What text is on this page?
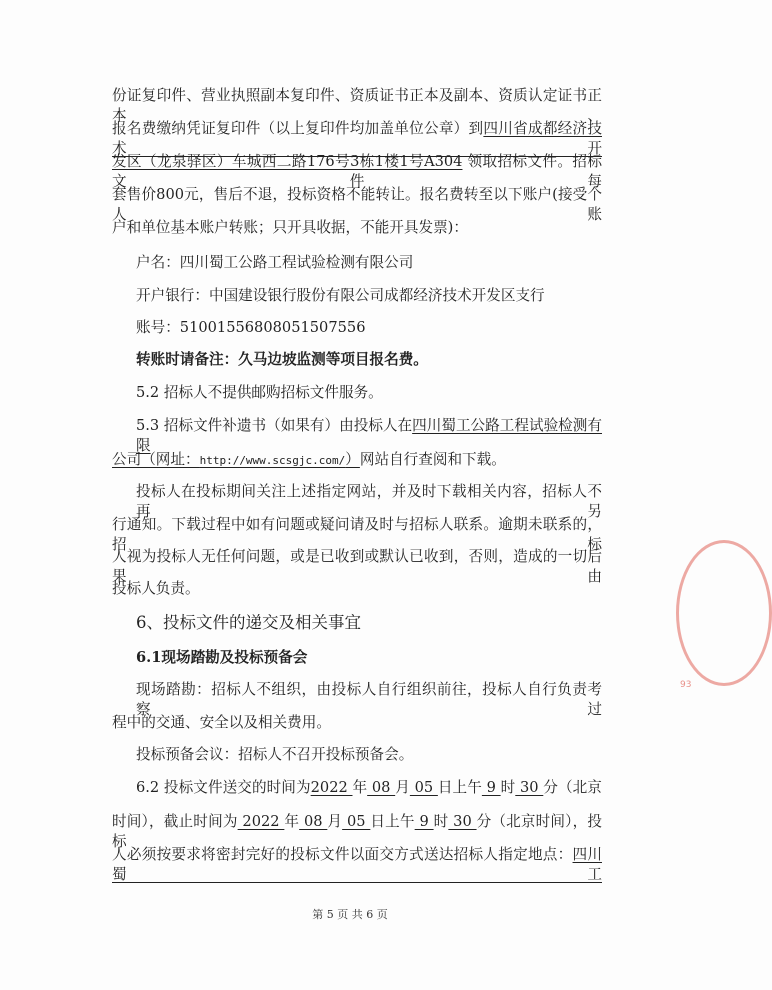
份证复印件、营业执照副本复印件、资质证书正本及副本、资质认定证书正本、
报名费缴纳凭证复印件（以上复印件均加盖单位公章）到四川省成都经济技术开
发区（龙泉驿区）车城西二路176号3栋1楼1号A304 领取招标文件。招标文件每
套售价800元，售后不退，投标资格不能转让。报名费转至以下账户(接受个人账
户和单位基本账户转账；只开具收据，不能开具发票)：
户名：四川蜀工公路工程试验检测有限公司
开户银行：中国建设银行股份有限公司成都经济技术开发区支行
账号：51001556808051507556
转账时请备注：久马边坡监测等项目报名费。
5.2 招标人不提供邮购招标文件服务。
5.3 招标文件补遗书（如果有）由投标人在四川蜀工公路工程试验检测有限
公司（网址：http://www.scsgjc.com/）网站自行查阅和下载。
投标人在投标期间关注上述指定网站，并及时下载相关内容，招标人不再另
行通知。下载过程中如有问题或疑问请及时与招标人联系。逾期未联系的，招标
人视为投标人无任何问题，或是已收到或默认已收到，否则，造成的一切后果由
投标人负责。
6、投标文件的递交及相关事宜
6.1现场踏勘及投标预备会
现场踏勘：招标人不组织，由投标人自行组织前往，投标人自行负责考察过
程中的交通、安全以及相关费用。
投标预备会议：招标人不召开投标预备会。
6.2 投标文件送交的时间为2022 年 08 月 05 日上午 9 时 30 分（北京
时间），截止时间为 2022 年 08 月 05 日上午 9 时 30 分（北京时间），投标
人必须按要求将密封完好的投标文件以面交方式送达招标人指定地点：四川蜀工
第 5 页 共 6 页
93
